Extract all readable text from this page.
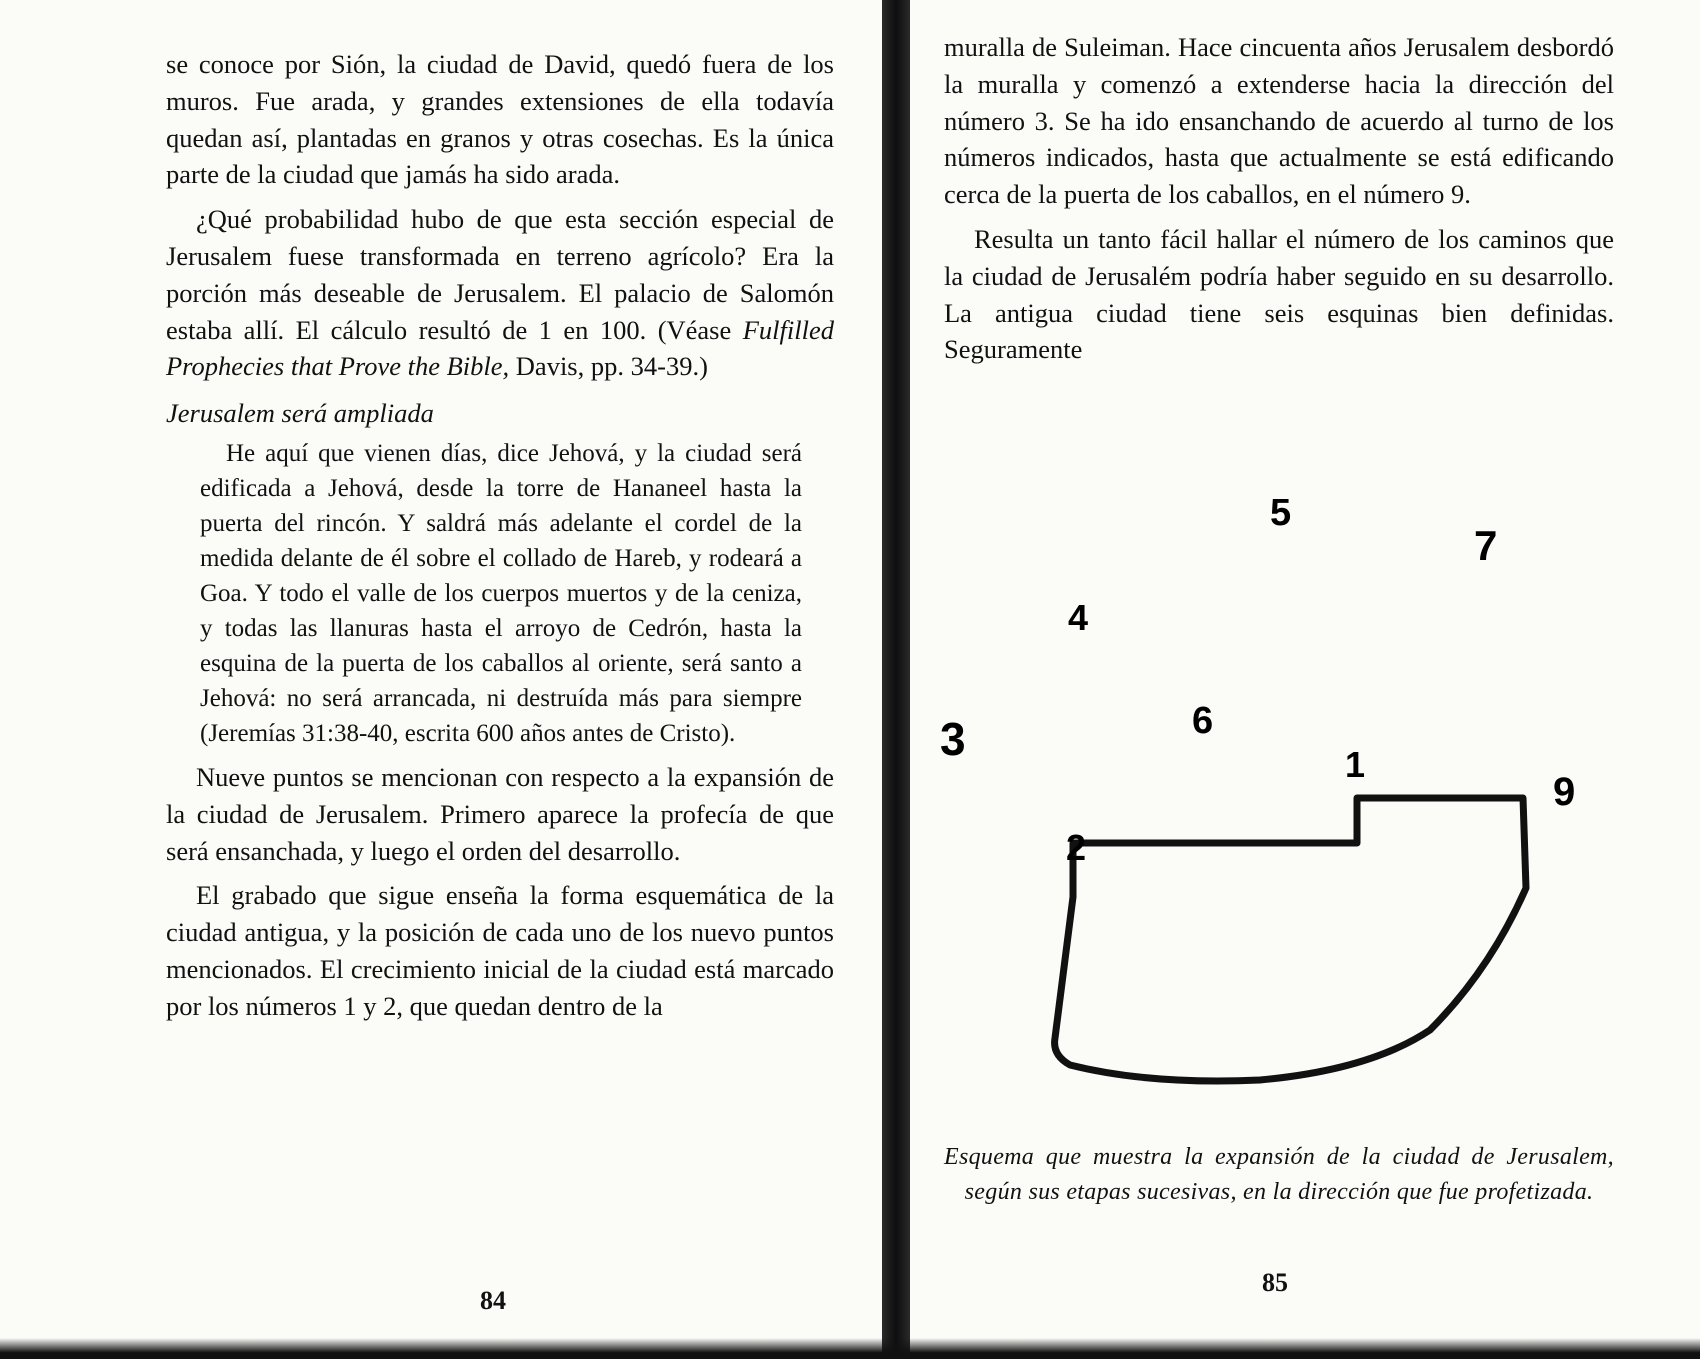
se conoce por Sión, la ciudad de David, quedó fuera de los muros. Fue arada, y grandes extensiones de ella todavía quedan así, plantadas en granos y otras cosechas. Es la única parte de la ciudad que jamás ha sido arada.

¿Qué probabilidad hubo de que esta sección especial de Jerusalem fuese transformada en terreno agrícolo? Era la porción más deseable de Jerusalem. El palacio de Salomón estaba allí. El cálculo resultó de 1 en 100. (Véase Fulfilled Prophecies that Prove the Bible, Davis, pp. 34-39.)

Jerusalem será ampliada

He aquí que vienen días, dice Jehová, y la ciudad será edificada a Jehová, desde la torre de Hananeel hasta la puerta del rincón. Y saldrá más adelante el cordel de la medida delante de él sobre el collado de Hareb, y rodeará a Goa. Y todo el valle de los cuerpos muertos y de la ceniza, y todas las llanuras hasta el arroyo de Cedrón, hasta la esquina de la puerta de los caballos al oriente, será santo a Jehová: no será arrancada, ni destruída más para siempre (Jeremías 31:38-40, escrita 600 años antes de Cristo).

Nueve puntos se mencionan con respecto a la expansión de la ciudad de Jerusalem. Primero aparece la profecía de que será ensanchada, y luego el orden del desarrollo.

El grabado que sigue enseña la forma esquemática de la ciudad antigua, y la posición de cada uno de los nuevo puntos mencionados. El crecimiento inicial de la ciudad está marcado por los números 1 y 2, que quedan dentro de la

84

muralla de Suleiman. Hace cincuenta años Jerusalem desbordó la muralla y comenzó a extenderse hacia la dirección del número 3. Se ha ido ensanchando de acuerdo al turno de los números indicados, hasta que actualmente se está edificando cerca de la puerta de los caballos, en el número 9.

Resulta un tanto fácil hallar el número de los caminos que la ciudad de Jerusalém podría haber seguido en su desarrollo. La antigua ciudad tiene seis esquinas bien definidas. Seguramente

5
7
4
6
3	1
9
2
Esquema que muestra la expansión de la ciudad de Jerusalem, según sus etapas sucesivas, en la dirección que fue profetizada.
85
